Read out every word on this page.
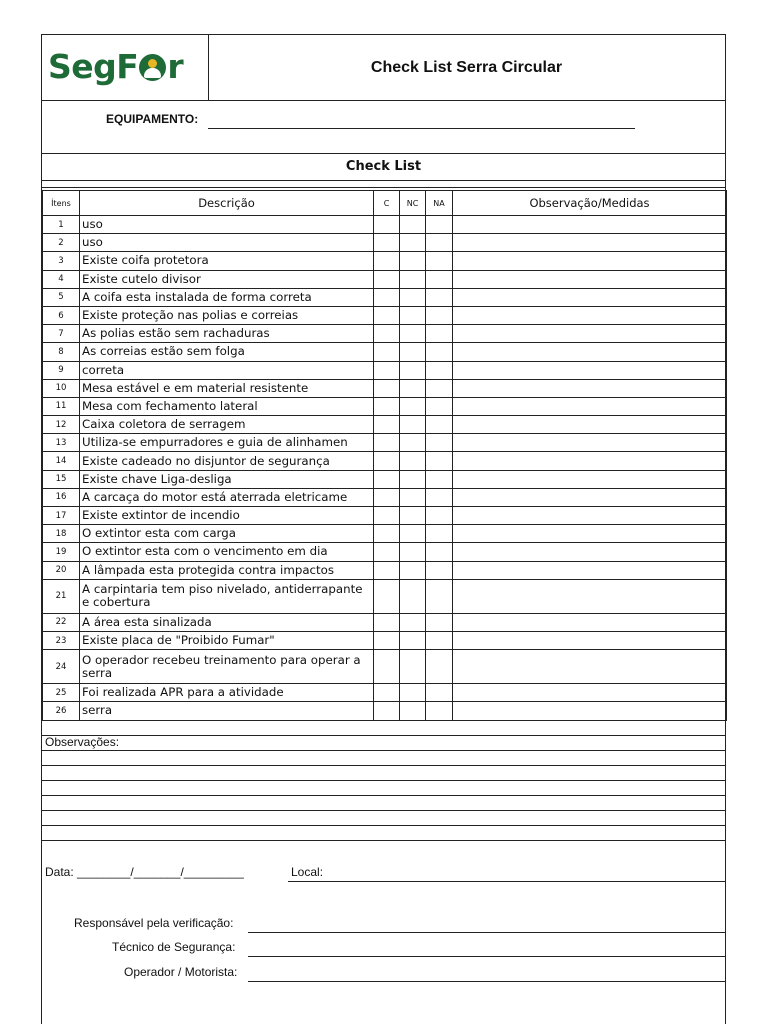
SegF r	Check List Serra Circular
EQUIPAMENTO:
Check List
Ítens	Descrição	C	NC	NA	Observação/Medidas
1	uso				
2	uso				
3	Existe coifa protetora				
4	Existe cutelo divisor				
5	A coifa esta instalada de forma correta				
6	Existe proteção nas polias e correias				
7	As polias estão sem rachaduras				
8	As correias estão sem folga				
9	correta				
10	Mesa estável e em material resistente				
11	Mesa com fechamento lateral				
12	Caixa coletora de serragem				
13	Utiliza-se empurradores e guia de alinhamen				
14	Existe cadeado no disjuntor de segurança				
15	Existe chave Liga-desliga				
16	A carcaça do motor está aterrada eletricame				
17	Existe extintor de incendio				
18	O extintor esta com carga				
19	O extintor esta com o vencimento em dia				
20	A lâmpada esta protegida contra impactos				
21	A carpintaria tem piso nivelado, antiderrapante e cobertura				
22	A área esta sinalizada				
23	Existe placa de "Proibido Fumar"				
24	O operador recebeu treinamento para operar a serra				
25	Foi realizada APR para a atividade				
26	serra				
Observações:
Data: ________/_______/_________	Local:
Responsável pela verificação:
Técnico de Segurança:
Operador / Motorista:
